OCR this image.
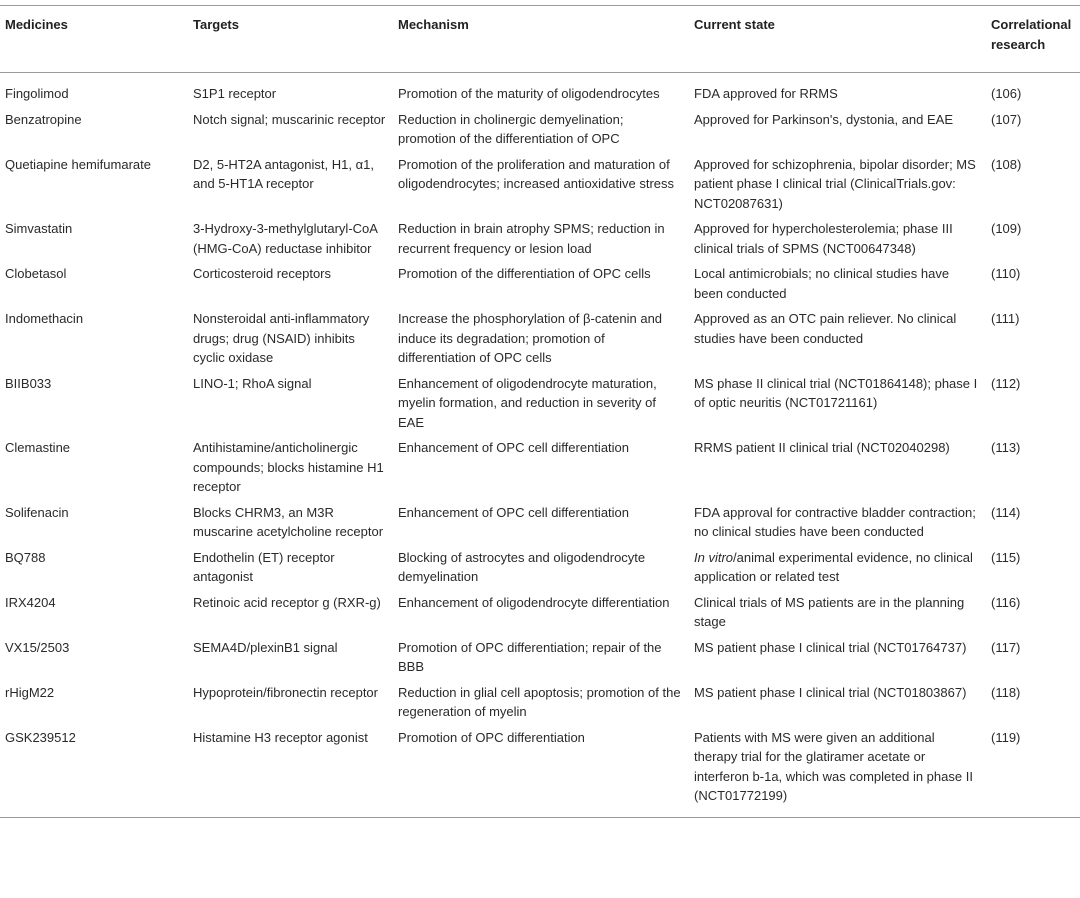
Medicines	Targets	Mechanism	Current state	Correlational research
Fingolimod	S1P1 receptor	Promotion of the maturity of oligodendrocytes	FDA approved for RRMS	(106)
Benzatropine	Notch signal; muscarinic receptor	Reduction in cholinergic demyelination; promotion of the differentiation of OPC	Approved for Parkinson's, dystonia, and EAE	(107)
Quetiapine hemifumarate	D2, 5-HT2A antagonist, H1, α1, and 5-HT1A receptor	Promotion of the proliferation and maturation of oligodendrocytes; increased antioxidative stress	Approved for schizophrenia, bipolar disorder; MS patient phase I clinical trial (ClinicalTrials.gov: NCT02087631)	(108)
Simvastatin	3-Hydroxy-3-methylglutaryl-CoA (HMG-CoA) reductase inhibitor	Reduction in brain atrophy SPMS; reduction in recurrent frequency or lesion load	Approved for hypercholesterolemia; phase III clinical trials of SPMS (NCT00647348)	(109)
Clobetasol	Corticosteroid receptors	Promotion of the differentiation of OPC cells	Local antimicrobials; no clinical studies have been conducted	(110)
Indomethacin	Nonsteroidal anti-inflammatory drugs; drug (NSAID) inhibits cyclic oxidase	Increase the phosphorylation of β-catenin and induce its degradation; promotion of differentiation of OPC cells	Approved as an OTC pain reliever. No clinical studies have been conducted	(111)
BIIB033	LINO-1; RhoA signal	Enhancement of oligodendrocyte maturation, myelin formation, and reduction in severity of EAE	MS phase II clinical trial (NCT01864148); phase I of optic neuritis (NCT01721161)	(112)
Clemastine	Antihistamine/anticholinergic compounds; blocks histamine H1 receptor	Enhancement of OPC cell differentiation	RRMS patient II clinical trial (NCT02040298)	(113)
Solifenacin	Blocks CHRM3, an M3R muscarine acetylcholine receptor	Enhancement of OPC cell differentiation	FDA approval for contractive bladder contraction; no clinical studies have been conducted	(114)
BQ788	Endothelin (ET) receptor antagonist	Blocking of astrocytes and oligodendrocyte demyelination	In vitro/animal experimental evidence, no clinical application or related test	(115)
IRX4204	Retinoic acid receptor g (RXR-g)	Enhancement of oligodendrocyte differentiation	Clinical trials of MS patients are in the planning stage	(116)
VX15/2503	SEMA4D/plexinB1 signal	Promotion of OPC differentiation; repair of the BBB	MS patient phase I clinical trial (NCT01764737)	(117)
rHigM22	Hypoprotein/fibronectin receptor	Reduction in glial cell apoptosis; promotion of the regeneration of myelin	MS patient phase I clinical trial (NCT01803867)	(118)
GSK239512	Histamine H3 receptor agonist	Promotion of OPC differentiation	Patients with MS were given an additional therapy trial for the glatiramer acetate or interferon b-1a, which was completed in phase II (NCT01772199)	(119)
